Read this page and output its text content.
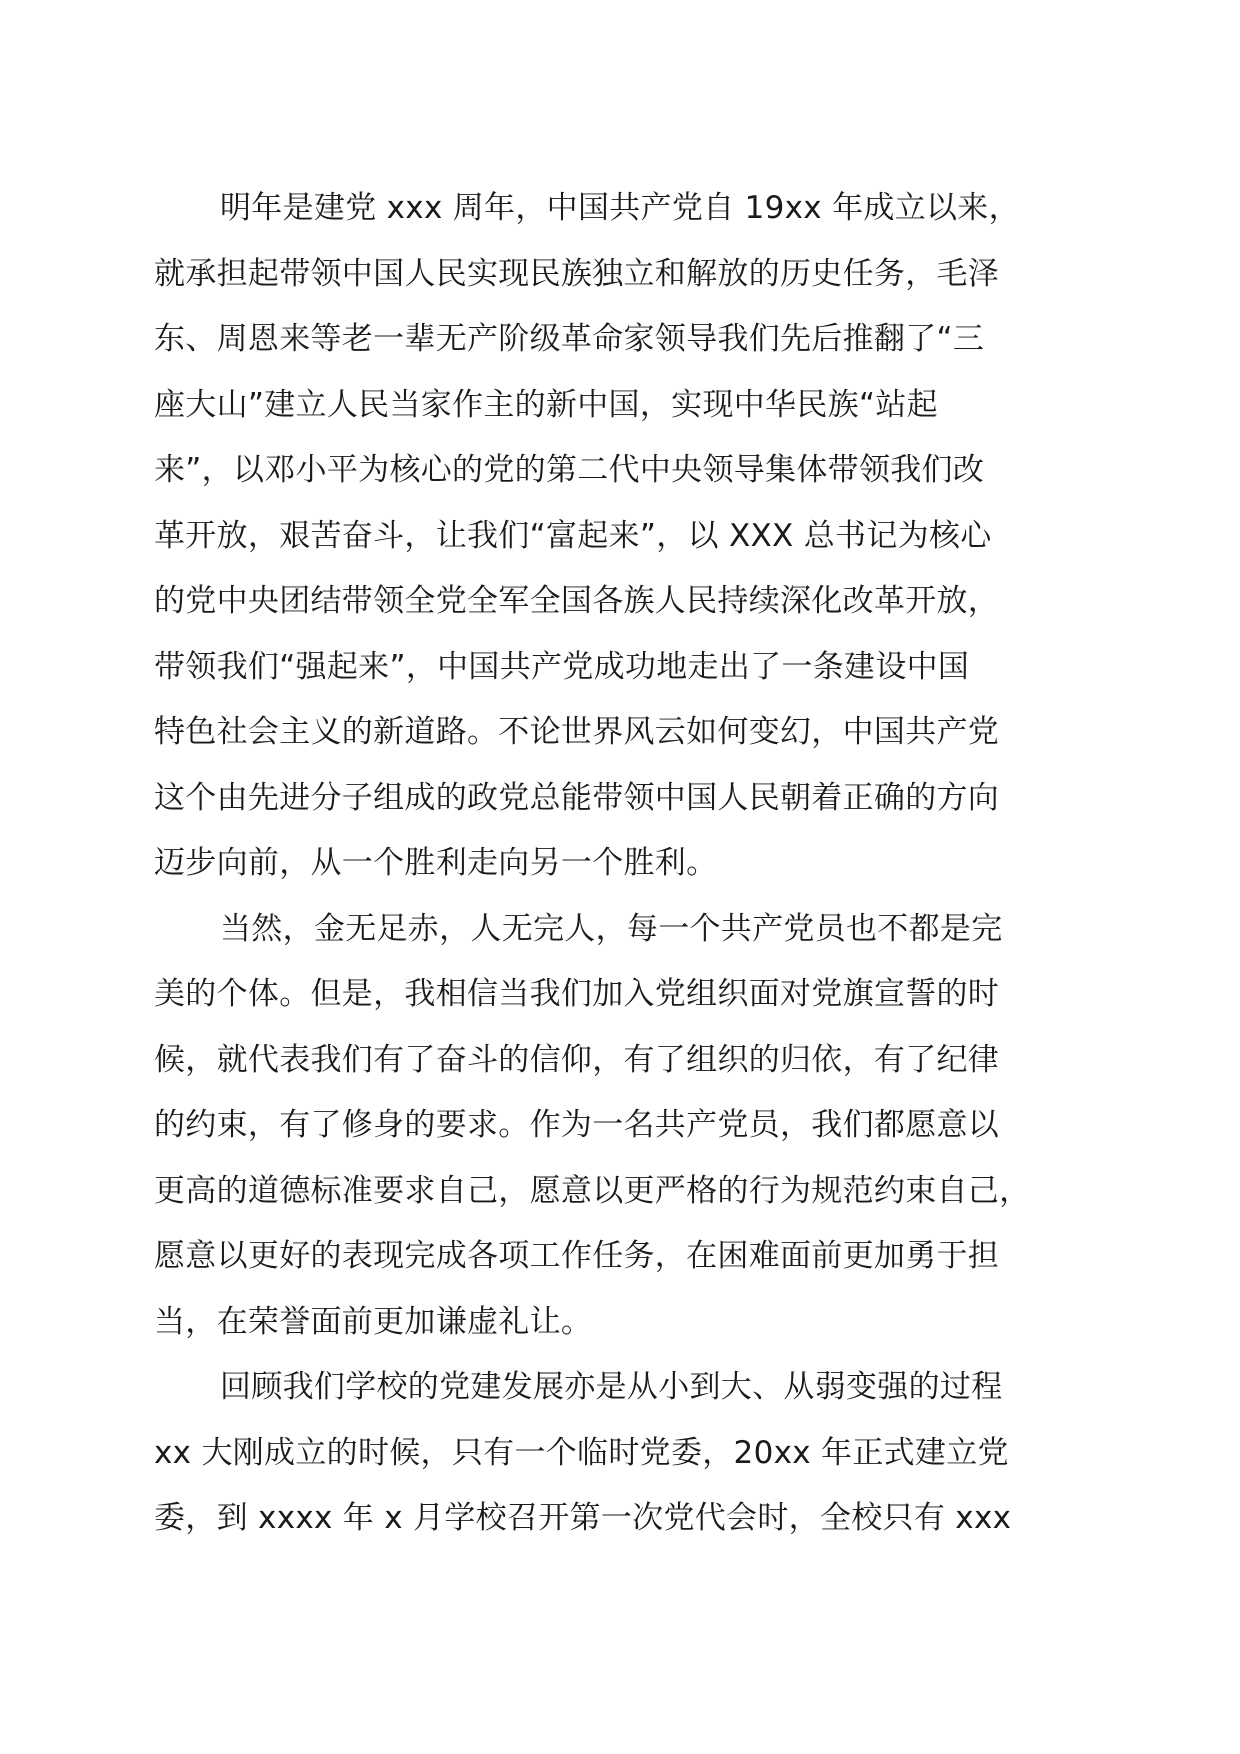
明年是建党 xxx 周年，中国共产党自 19xx 年成立以来，
就承担起带领中国人民实现民族独立和解放的历史任务，毛泽
东、周恩来等老一辈无产阶级革命家领导我们先后推翻了“三
座大山”建立人民当家作主的新中国，实现中华民族“站起
来”，以邓小平为核心的党的第二代中央领导集体带领我们改
革开放，艰苦奋斗，让我们“富起来”，以 XXX 总书记为核心
的党中央团结带领全党全军全国各族人民持续深化改革开放，
带领我们“强起来”，中国共产党成功地走出了一条建设中国
特色社会主义的新道路。不论世界风云如何变幻，中国共产党
这个由先进分子组成的政党总能带领中国人民朝着正确的方向
迈步向前，从一个胜利走向另一个胜利。
当然，金无足赤，人无完人，每一个共产党员也不都是完
美的个体。但是，我相信当我们加入党组织面对党旗宣誓的时
候，就代表我们有了奋斗的信仰，有了组织的归依，有了纪律
的约束，有了修身的要求。作为一名共产党员，我们都愿意以
更高的道德标准要求自己，愿意以更严格的行为规范约束自己，
愿意以更好的表现完成各项工作任务，在困难面前更加勇于担
当，在荣誉面前更加谦虚礼让。
回顾我们学校的党建发展亦是从小到大、从弱变强的过程
xx 大刚成立的时候，只有一个临时党委，20xx 年正式建立党
委，到 xxxx 年 x 月学校召开第一次党代会时，全校只有 xxx
